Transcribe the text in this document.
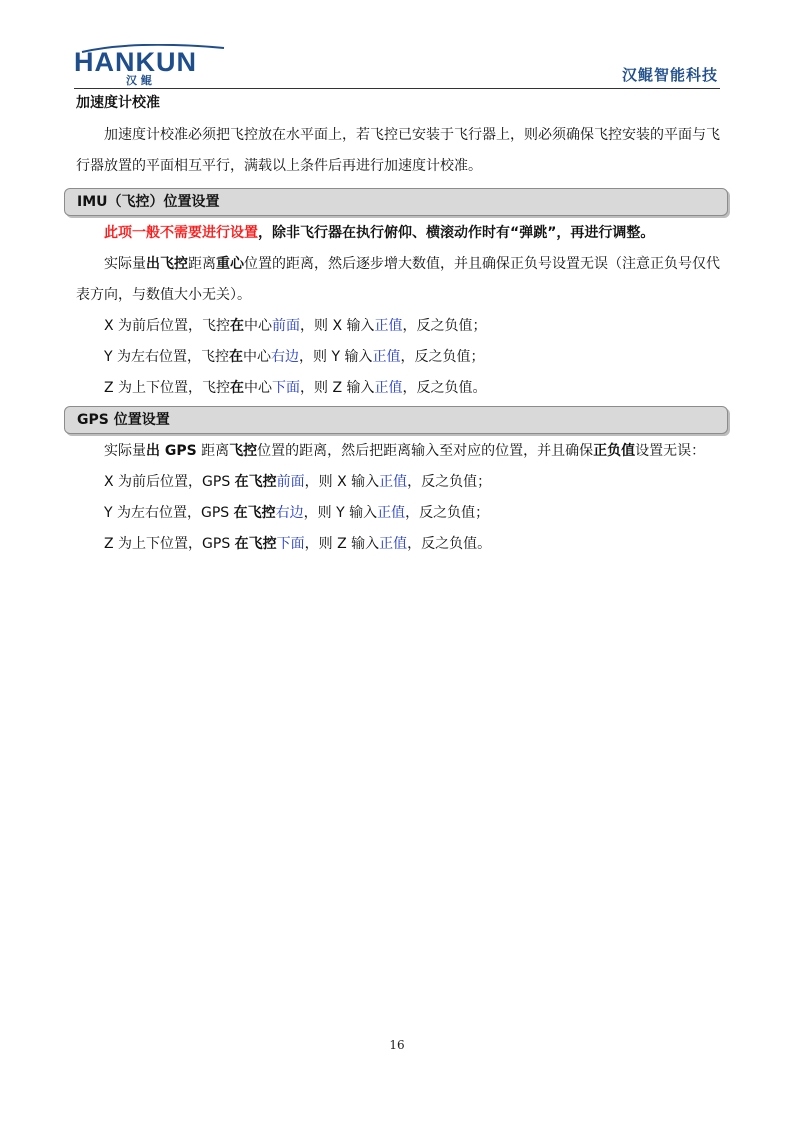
HANKUN
汉 鲲	汉鲲智能科技
加速度计校准

加速度计校准必须把飞控放在水平面上，若飞控已安装于飞行器上，则必须确保飞控安装的平面与飞行器放置的平面相互平行，满载以上条件后再进行加速度计校准。

IMU（飞控）位置设置

此项一般不需要进行设置，除非飞行器在执行俯仰、横滚动作时有“弹跳”，再进行调整。

实际量出飞控距离重心位置的距离，然后逐步增大数值，并且确保正负号设置无误（注意正负号仅代表方向，与数值大小无关）。

X 为前后位置，飞控在中心前面，则 X 输入正值，反之负值；

Y 为左右位置，飞控在中心右边，则 Y 输入正值，反之负值；

Z 为上下位置，飞控在中心下面，则 Z 输入正值，反之负值。

GPS 位置设置

实际量出 GPS 距离飞控位置的距离，然后把距离输入至对应的位置，并且确保正负值设置无误：

X 为前后位置，GPS 在飞控前面，则 X 输入正值，反之负值；

Y 为左右位置，GPS 在飞控右边，则 Y 输入正值，反之负值；

Z 为上下位置，GPS 在飞控下面，则 Z 输入正值，反之负值。

16
